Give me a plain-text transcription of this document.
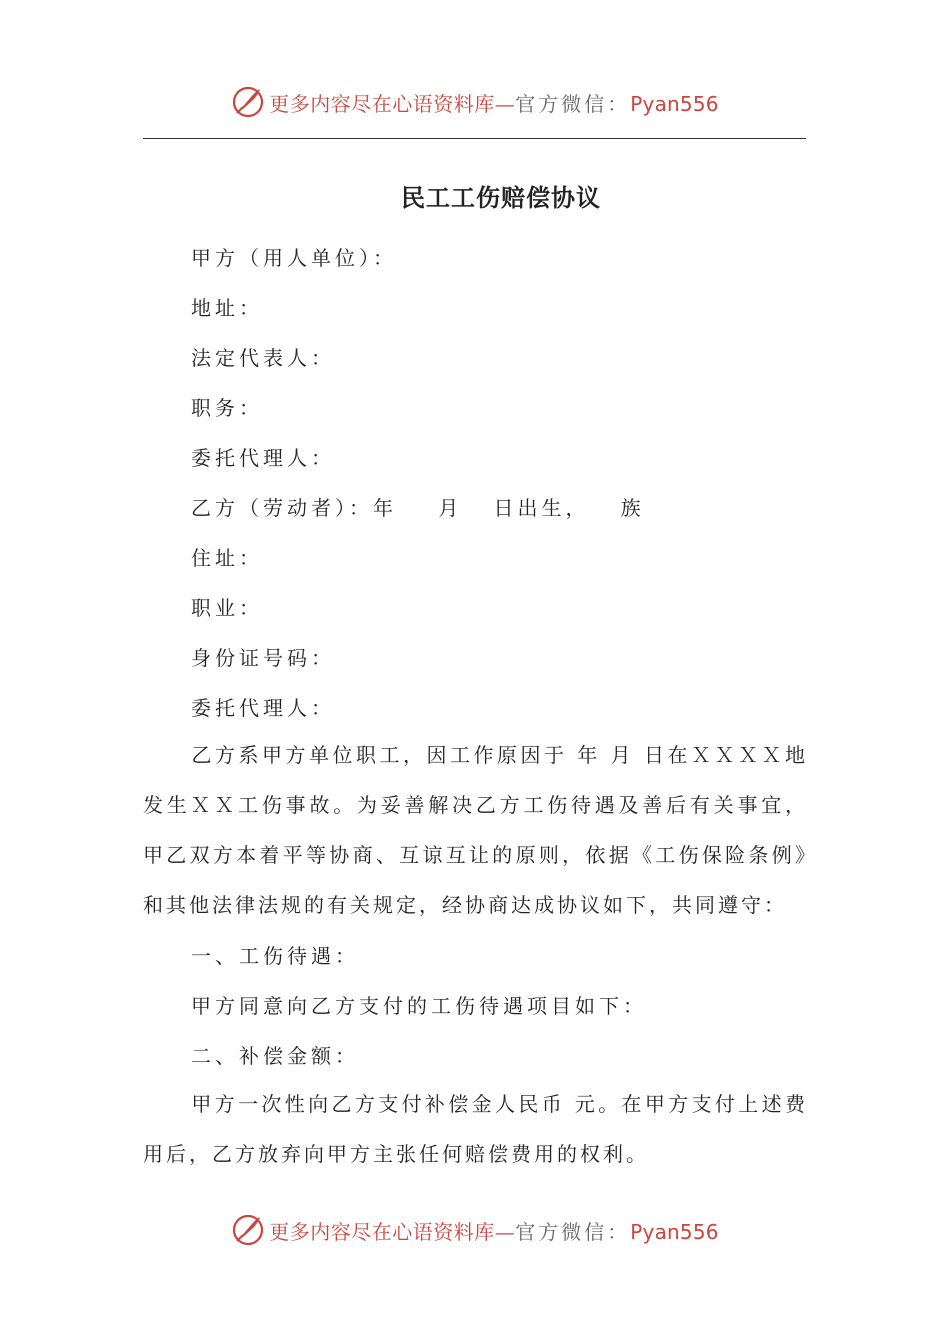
更多内容尽在心语资料库—官方微信：Pyan556
民工工伤赔偿协议
甲方（用人单位）：
地址：
法定代表人：
职务：
委托代理人：
乙方（劳动者）：年    月   日出生，   族
住址：
职业：
身份证号码：
委托代理人：

乙方系甲方单位职工，因工作原因于 年 月 日在ＸＸＸＸ地发生ＸＸ工伤事故。为妥善解决乙方工伤待遇及善后有关事宜，甲乙双方本着平等协商、互谅互让的原则，依据《工伤保险条例》和其他法律法规的有关规定，经协商达成协议如下，共同遵守：

一、工伤待遇：
甲方同意向乙方支付的工伤待遇项目如下：
二、补偿金额：

甲方一次性向乙方支付补偿金人民币 元。在甲方支付上述费用后，乙方放弃向甲方主张任何赔偿费用的权利。

更多内容尽在心语资料库—官方微信：Pyan556
